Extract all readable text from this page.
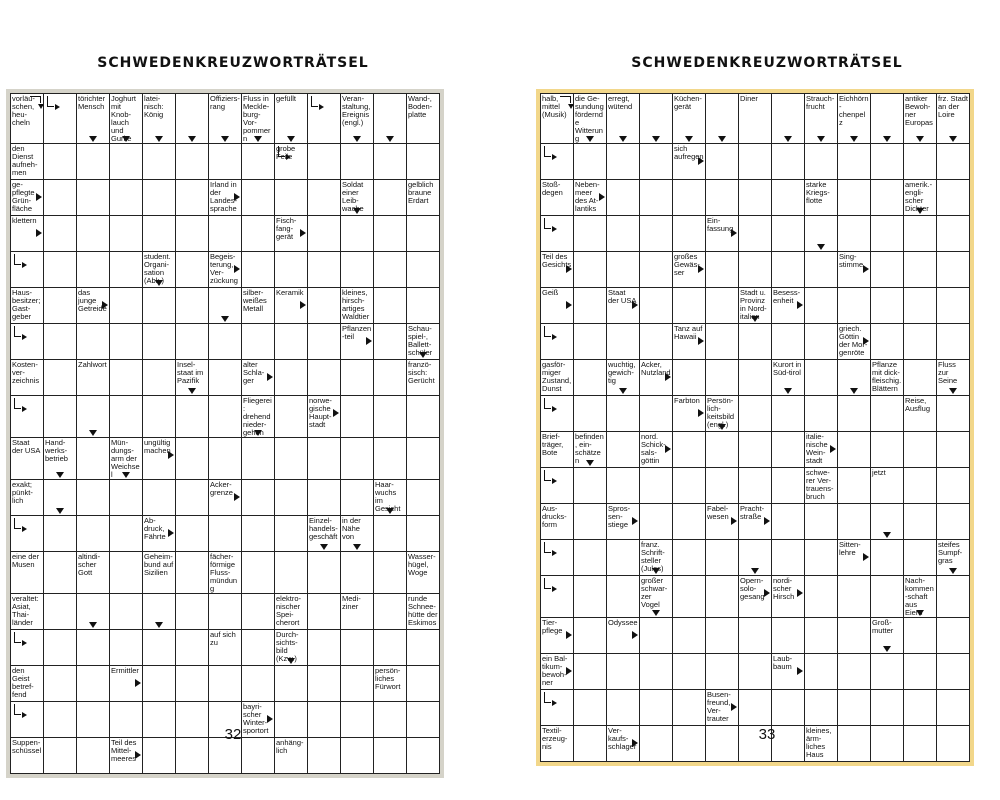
SCHWEDENKREUZWORTRÄTSEL
vorläu-schen, heu-cheln		törichter Mensch	Joghurt mit Knob-lauch und Gurke	latei-nisch: König		Offiziers-rang	Fluss in Meckle-burg-Vor-pommern	gefüllt		Veran-staltung, Ereignis (engl.)		Wand-, Boden-platte

den Dienst aufneh-men								grobe Feile				

ge-pflegte Grün-fläche						Irland in der Landes-sprache				Soldat einer Leib-wache		gelblich braune Erdart

klettern								Fisch-fang-gerät				

				student. Organi-sation (Abk.)		Begeis-terung, Ver-zückung						

Haus-besitzer; Gast-geber		das junge Getreide					silber-weißes Metall	Keramik		kleines, hirsch-artiges Waldtier		

										Pflanzen-teil		Schau-spiel-, Ballett-schüler

Kosten-ver-zeichnis		Zahlwort			Insel-staat im Pazifik		alter Schla-ger					franzö-sisch: Gerücht

							Fliegerei: drehend nieder-gehen		norwe-gische Haupt-stadt			

Staat der USA	Hand-werks-betrieb		Mün-dungs-arm der Weichsel	ungültig machen								

exakt; pünkt-lich						Acker-grenze					Haar-wuchs im Gesicht	

				Ab-druck, Fährte					Einzel-handels-geschäft	in der Nähe von		

eine der Musen		altindi-scher Gott		Geheim-bund auf Sizilien		fächer-förmige Fluss-mündung						Wasser-hügel, Woge

veraltet: Asiat, Thai-länder								elektro-nischer Spei-cherort		Medi-ziner		runde Schnee-hütte der Eskimos

						auf sich zu		Durch-sichts-bild (Kzw.)				

den Geist betref-fend			Ermittler								persön-liches Fürwort	

							bayri-scher Winter-sportort					

Suppen-schüssel			Teil des Mittel-meeres					anhäng-lich				

32
SCHWEDENKREUZWORTRÄTSEL
halb, mittel (Musik)	die Ge-sundung fördernde Witterung	erregt, wütend		Küchen-gerät		Diner		Strauch-frucht	Eichhörn-chenpelz		antiker Bewoh-ner Europas	frz. Stadt an der Loire

				sich aufregen								

Stoß-degen	Neben-meer des At-lantiks							starke Kriegs-flotte			amerik.-engli-scher Dichter	

					Ein-fassung							

Teil des Gesichts				großes Gewäs-ser					Sing-stimme			

Geiß		Staat der USA				Stadt u. Provinz in Nord-italien	Besess-enheit					

				Tanz auf Hawaii					griech. Göttin der Mor-genröte			

gasför-miger Zustand, Dunst		wuchtig, gewich-tig	Acker, Nutzland				Kurort in Süd-tirol			Pflanze mit dick-fleischig. Blättern		Fluss zur Seine

				Farbton	Persön-lich-keitsbild (engl.)						Reise, Ausflug	

Brief-träger, Bote	befinden, ein-schätzen		nord. Schick-sals-göttin					italie-nische Wein-stadt				

								schwe-rer Ver-trauens-bruch		jetzt		

Aus-drucks-form		Spros-sen-stiege			Fabel-wesen	Pracht-straße						

			franz. Schrift-steller (Jules)						Sitten-lehre			steifes Sumpf-gras

			großer schwar-zer Vogel			Opern-solo-gesang	nordi-scher Hirsch				Nach-kommen-schaft aus Eiern	

Tier-pflege		Odyssee								Groß-mutter		

ein Bal-tikum-bewoh-ner							Laub-baum					

					Busen-freund, Ver-trauter							

Textil-erzeug-nis		Ver-kaufs-schlager						kleines, ärm-liches Haus				

33
